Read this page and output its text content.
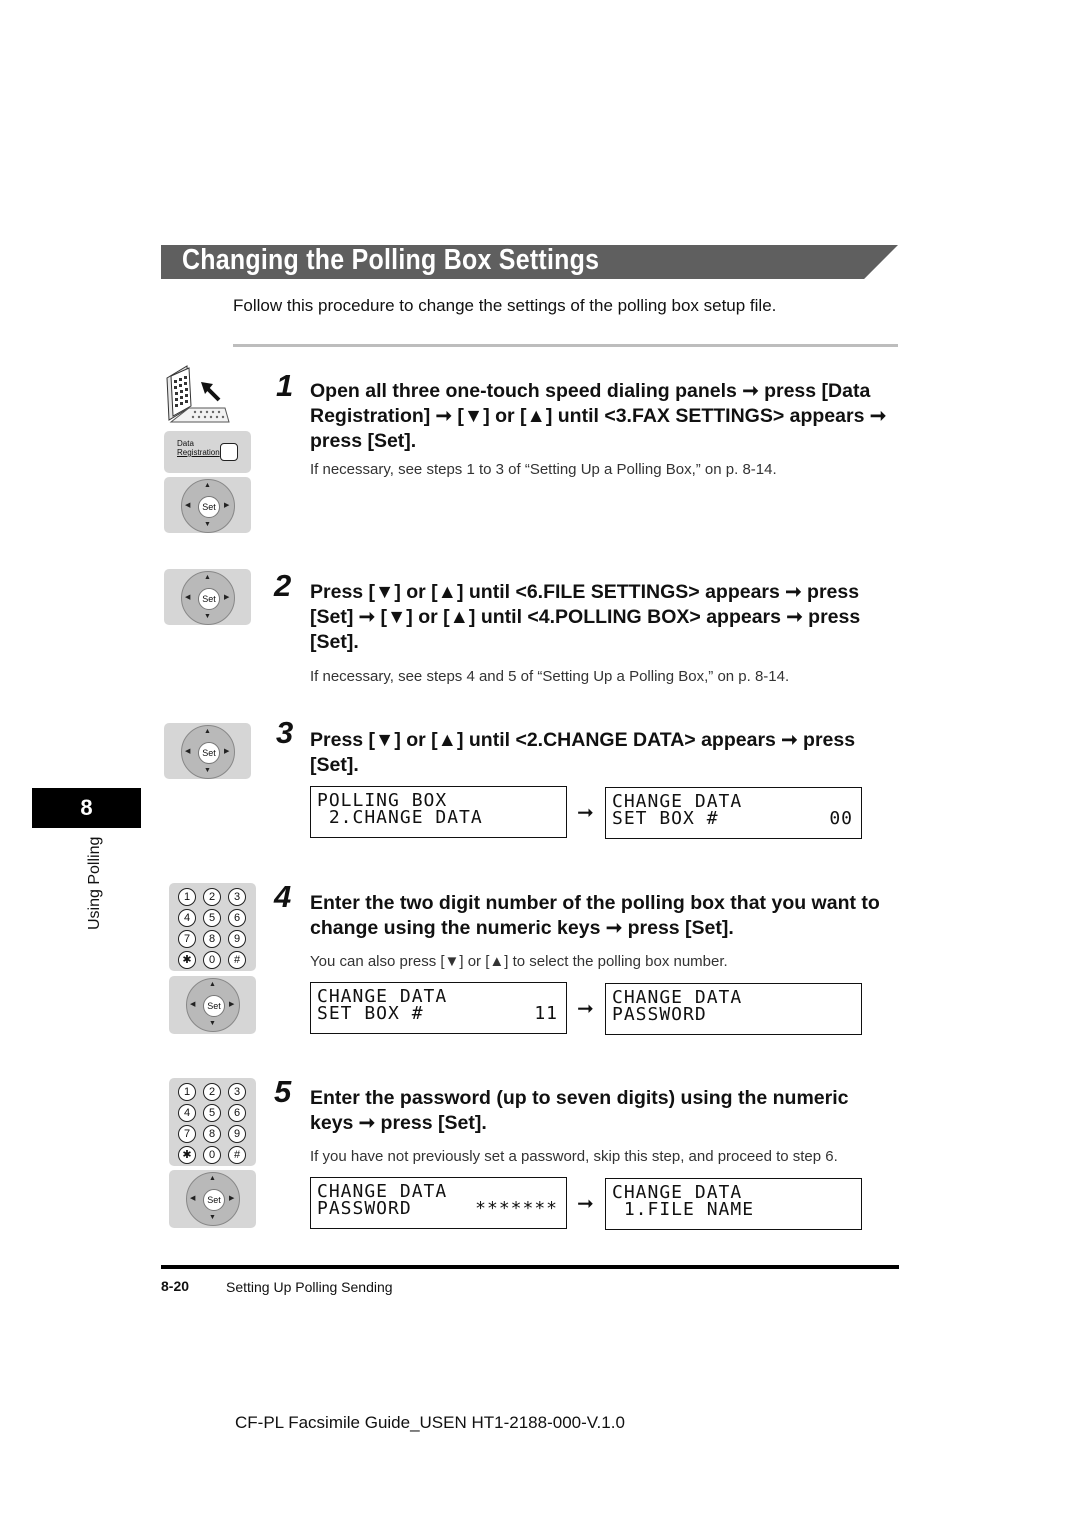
Changing the Polling Box Settings
Follow this procedure to change the settings of the polling box setup file.
8
Using Polling
Data
Registration
▲
▼
◀	▶
Set
1 Open all three one-touch speed dialing panels ➞ press [Data
Registration] ➞ [▼] or [▲] until <3.FAX SETTINGS> appears ➞
press [Set].
If necessary, see steps 1 to 3 of “Setting Up a Polling Box,” on p. 8-14.
▲
▼
◀	▶
Set 2 Press [▼] or [▲] until <6.FILE SETTINGS> appears ➞ press
[Set] ➞ [▼] or [▲] until <4.POLLING BOX> appears ➞ press
[Set].
If necessary, see steps 4 and 5 of “Setting Up a Polling Box,” on p. 8-14.
▲
▼
◀	▶
Set
3 Press [▼] or [▲] until <2.CHANGE DATA> appears ➞ press
[Set].
POLLING BOX
2.CHANGE DATA	➞
CHANGE DATA
SET BOX #	00
1	2	3
4	5	6
7	8	9
✱	0	#
▲
▼
◀	▶
Set
4 Enter the two digit number of the polling box that you want to
change using the numeric keys ➞ press [Set].
You can also press [▼] or [▲] to select the polling box number.
CHANGE DATA
SET BOX #	11 ➞
CHANGE DATA
PASSWORD
1	2	3
4	5	6
7	8	9
✱	0	#
▲
▼
◀	▶
Set
5 Enter the password (up to seven digits) using the numeric
keys ➞ press [Set].
If you have not previously set a password, skip this step, and proceed to step 6.
CHANGE DATA
PASSWORD	******* ➞
CHANGE DATA
1.FILE NAME
8-20	Setting Up Polling Sending
CF-PL Facsimile Guide_USEN HT1-2188-000-V.1.0
